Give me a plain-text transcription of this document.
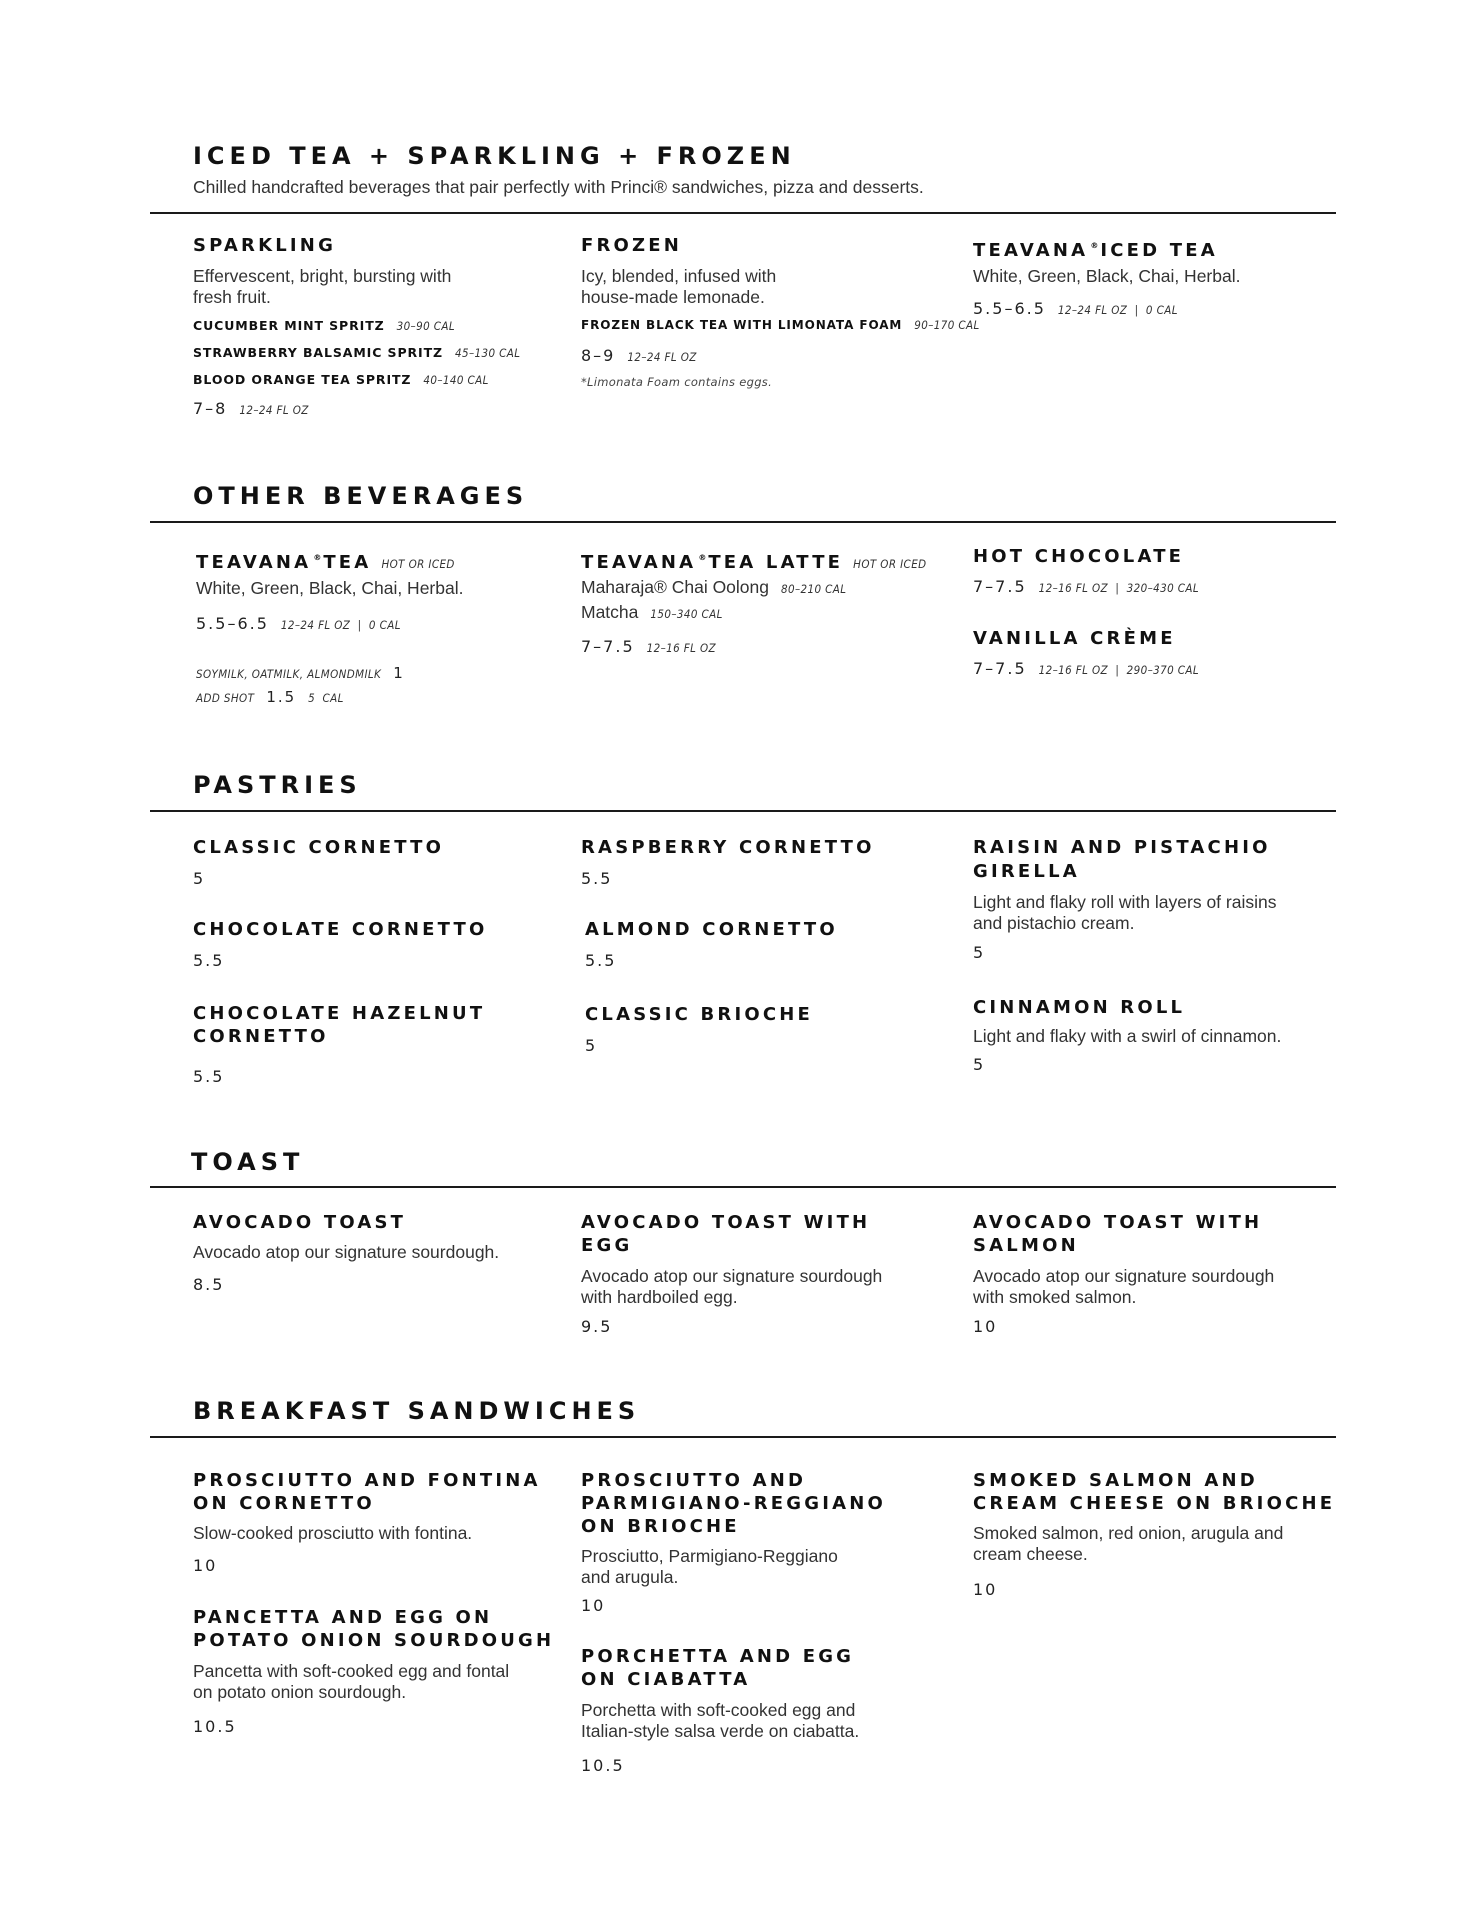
ICED TEA + SPARKLING + FROZEN
Chilled handcrafted beverages that pair perfectly with Princi® sandwiches, pizza and desserts.
SPARKLING
Effervescent, bright, bursting with
fresh fruit.
CUCUMBER MINT SPRITZ 30–90 CAL
STRAWBERRY BALSAMIC SPRITZ 45–130 CAL
BLOOD ORANGE TEA SPRITZ 40–140 CAL
7–8 12–24 FL OZ
FROZEN
Icy, blended, infused with
house-made lemonade.
FROZEN BLACK TEA WITH LIMONATA FOAM 90–170 CAL
8–9 12–24 FL OZ
*Limonata Foam contains eggs.
TEAVANA ® ICED TEA
White, Green, Black, Chai, Herbal.
5.5–6.5 12–24 FL OZ  |  0 CAL
OTHER BEVERAGES
TEAVANA ® TEA HOT OR ICED
White, Green, Black, Chai, Herbal.
5.5–6.5 12–24 FL OZ  |  0 CAL
SOYMILK, OATMILK, ALMONDMILK 1
ADD SHOT 1.5 5  CAL
TEAVANA ® TEA LATTE HOT OR ICED
Maharaja® Chai Oolong 80–210 CAL
Matcha 150–340 CAL
7–7.5 12–16 FL OZ
HOT CHOCOLATE
7–7.5 12–16 FL OZ  |  320–430 CAL
VANILLA CRÈME
7–7.5 12–16 FL OZ  |  290–370 CAL
PASTRIES
CLASSIC CORNETTO
5
CHOCOLATE CORNETTO
5.5
CHOCOLATE HAZELNUT
CORNETTO
5.5
RASPBERRY CORNETTO
5.5
ALMOND CORNETTO
5.5
CLASSIC BRIOCHE
5
RAISIN AND PISTACHIO
GIRELLA
Light and flaky roll with layers of raisins
and pistachio cream.
5
CINNAMON ROLL
Light and flaky with a swirl of cinnamon.
5
TOAST
AVOCADO TOAST
Avocado atop our signature sourdough.
8.5
AVOCADO TOAST WITH
EGG
Avocado atop our signature sourdough
with hardboiled egg.
9.5
AVOCADO TOAST WITH
SALMON
Avocado atop our signature sourdough
with smoked salmon.
10
BREAKFAST SANDWICHES
PROSCIUTTO AND FONTINA
ON CORNETTO
Slow-cooked prosciutto with fontina.
10
PANCETTA AND EGG ON
POTATO ONION SOURDOUGH
Pancetta with soft-cooked egg and fontal
on potato onion sourdough.
10.5
PROSCIUTTO AND
PARMIGIANO-REGGIANO
ON BRIOCHE
Prosciutto, Parmigiano-Reggiano
and arugula.
10
PORCHETTA AND EGG
ON CIABATTA
Porchetta with soft-cooked egg and
Italian-style salsa verde on ciabatta.
10.5
SMOKED SALMON AND
CREAM CHEESE ON BRIOCHE
Smoked salmon, red onion, arugula and
cream cheese.
10
